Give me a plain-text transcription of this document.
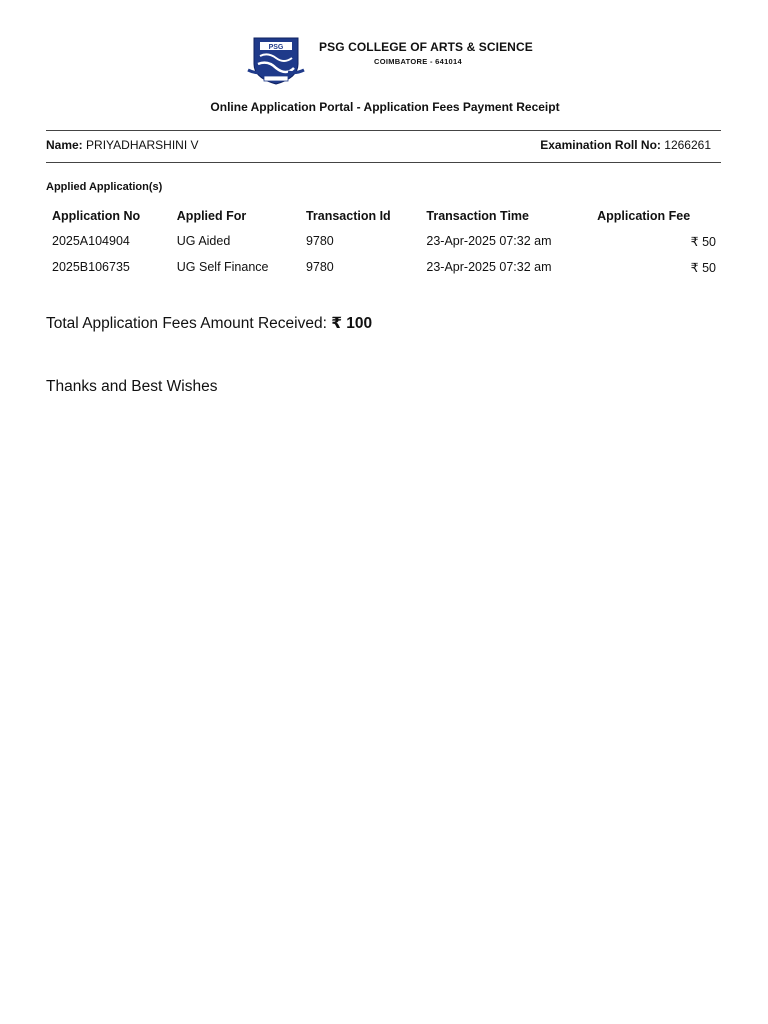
PSG	PSG COLLEGE OF ARTS & SCIENCE
COIMBATORE - 641014
Online Application Portal - Application Fees Payment Receipt
Name: PRIYADHARSHINI V	Examination Roll No: 1266261
Applied Application(s)
Application No	Applied For	Transaction Id	Transaction Time	Application Fee
2025A104904	UG Aided	9780	23-Apr-2025 07:32 am	₹ 50
2025B106735	UG Self Finance	9780	23-Apr-2025 07:32 am	₹ 50
Total Application Fees Amount Received: ₹ 100
Thanks and Best Wishes
